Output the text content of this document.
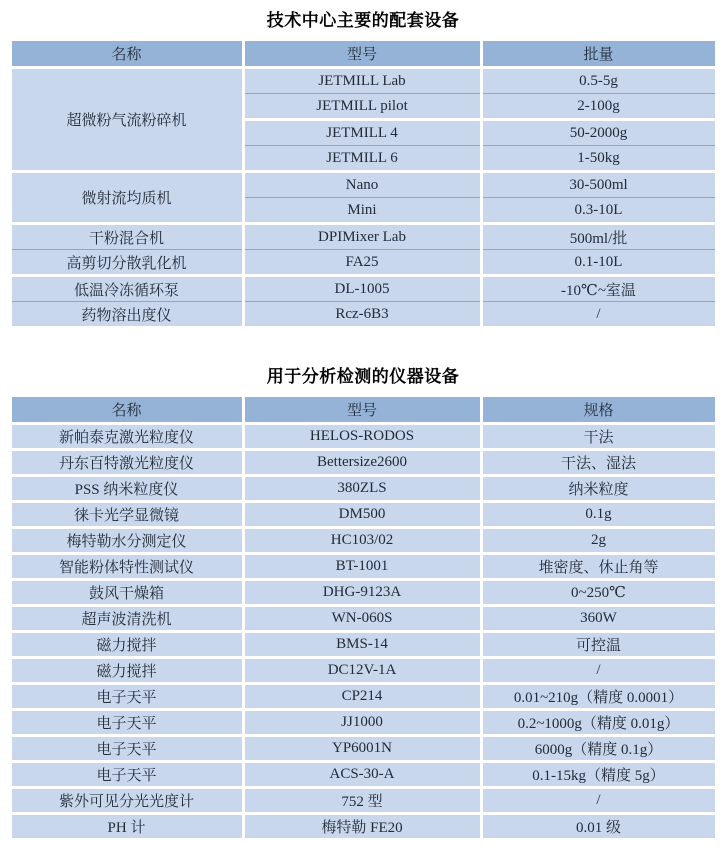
技术中心主要的配套设备
名称	型号	批量
超微粉气流粉碎机	JETMILL Lab	0.5-5g
	JETMILL pilot	2-100g
	JETMILL 4	50-2000g
	JETMILL 6	1-50kg
微射流均质机	Nano	30-500ml
	Mini	0.3-10L
干粉混合机	DPIMixer Lab	500ml/批
高剪切分散乳化机	FA25	0.1-10L
低温冷冻循环泵	DL-1005	-10℃~室温
药物溶出度仪	Rcz-6B3	/
用于分析检测的仪器设备
名称	型号	规格
新帕泰克激光粒度仪	HELOS-RODOS	干法
丹东百特激光粒度仪	Bettersize2600	干法、湿法
PSS 纳米粒度仪	380ZLS	纳米粒度
徕卡光学显微镜	DM500	0.1g
梅特勒水分测定仪	HC103/02	2g
智能粉体特性测试仪	BT-1001	堆密度、休止角等
鼓风干燥箱	DHG-9123A	0~250℃
超声波清洗机	WN-060S	360W
磁力搅拌	BMS-14	可控温
磁力搅拌	DC12V-1A	/
电子天平	CP214	0.01~210g（精度 0.0001）
电子天平	JJ1000	0.2~1000g（精度 0.01g）
电子天平	YP6001N	6000g（精度 0.1g）
电子天平	ACS-30-A	0.1-15kg（精度 5g）
紫外可见分光光度计	752 型	/
PH 计	梅特勒 FE20	0.01 级
